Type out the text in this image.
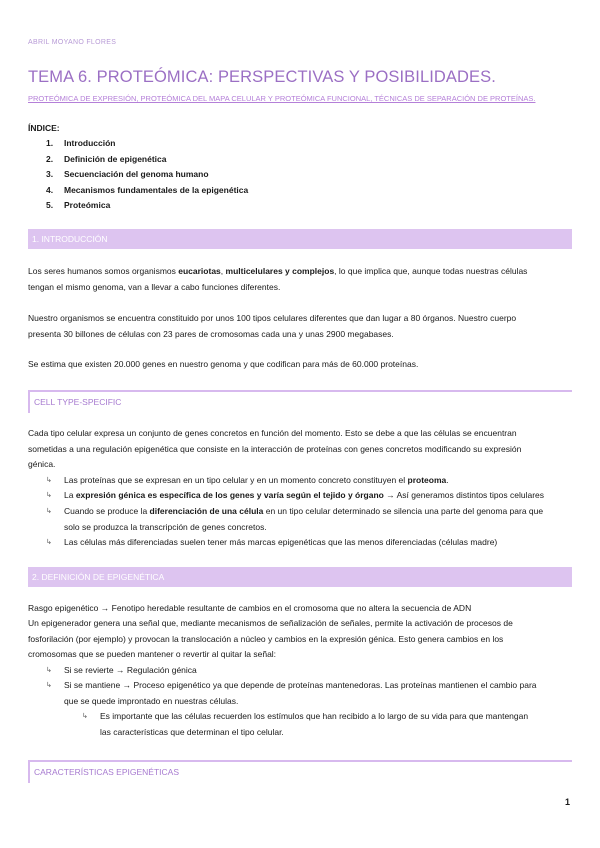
ABRIL MOYANO FLORES
TEMA 6. PROTEÓMICA: PERSPECTIVAS Y POSIBILIDADES.
PROTEÓMICA DE EXPRESIÓN, PROTEÓMICA DEL MAPA CELULAR Y PROTEÓMICA FUNCIONAL, TÉCNICAS DE SEPARACIÓN DE PROTEÍNAS.
ÍNDICE:
1.	Introducción
2.	Definición de epigenética
3.	Secuenciación del genoma humano
4.	Mecanismos fundamentales de la epigenética
5.	Proteómica
1. INTRODUCCIÓN
Los seres humanos somos organismos eucariotas, multicelulares y complejos, lo que implica que, aunque todas nuestras células
tengan el mismo genoma, van a llevar a cabo funciones diferentes.
Nuestro organismos se encuentra constituido por unos 100 tipos celulares diferentes que dan lugar a 80 órganos. Nuestro cuerpo
presenta 30 billones de células con 23 pares de cromosomas cada una y unas 2900 megabases.
Se estima que existen 20.000 genes en nuestro genoma y que codifican para más de 60.000 proteínas.
CELL TYPE-SPECIFIC
Cada tipo celular expresa un conjunto de genes concretos en función del momento. Esto se debe a que las células se encuentran
sometidas a una regulación epigenética que consiste en la interacción de proteínas con genes concretos modificando su expresión
génica.
↳ Las proteínas que se expresan en un tipo celular y en un momento concreto constituyen el proteoma.
↳ La expresión génica es específica de los genes y varía según el tejido y órgano → Así generamos distintos tipos celulares
↳ Cuando se produce la diferenciación de una célula en un tipo celular determinado se silencia una parte del genoma para que
solo se produzca la transcripción de genes concretos.
↳ Las células más diferenciadas suelen tener más marcas epigenéticas que las menos diferenciadas (células madre)
2. DEFINICIÓN DE EPIGENÉTICA
Rasgo epigenético → Fenotipo heredable resultante de cambios en el cromosoma que no altera la secuencia de ADN
Un epigenerador genera una señal que, mediante mecanismos de señalización de señales, permite la activación de procesos de
fosforilación (por ejemplo) y provocan la translocación a núcleo y cambios en la expresión génica. Esto genera cambios en los
cromosomas que se pueden mantener o revertir al quitar la señal:
↳ Si se revierte → Regulación génica
↳ Si se mantiene → Proceso epigenético ya que depende de proteínas mantenedoras. Las proteínas mantienen el cambio para
que se quede improntado en nuestras células.
↳ Es importante que las células recuerden los estímulos que han recibido a lo largo de su vida para que mantengan
las características que determinan el tipo celular.
CARACTERÍSTICAS EPIGENÉTICAS
1
